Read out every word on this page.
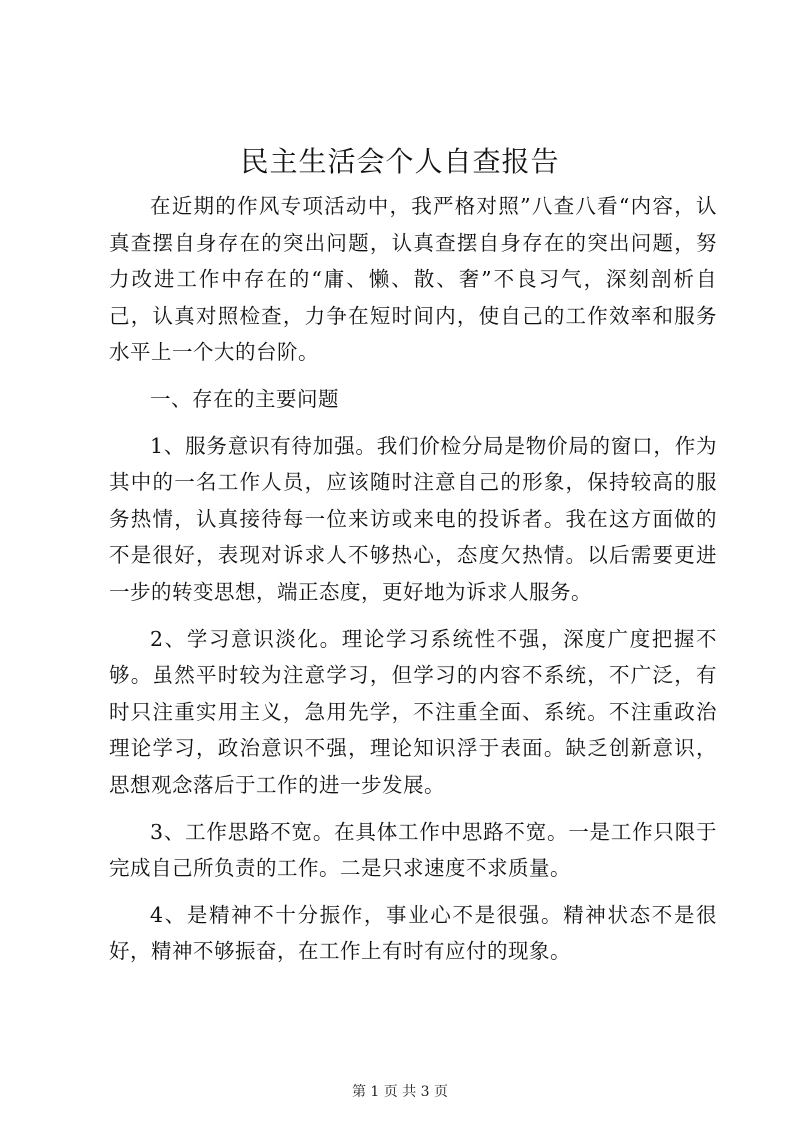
民主生活会个人自查报告

在近期的作风专项活动中，我严格对照”八查八看“内容，认真查摆自身存在的突出问题，认真查摆自身存在的突出问题，努力改进工作中存在的“庸、懒、散、奢”不良习气，深刻剖析自己，认真对照检查，力争在短时间内，使自己的工作效率和服务水平上一个大的台阶。

一、存在的主要问题

1、服务意识有待加强。我们价检分局是物价局的窗口，作为其中的一名工作人员，应该随时注意自己的形象，保持较高的服务热情，认真接待每一位来访或来电的投诉者。我在这方面做的不是很好，表现对诉求人不够热心，态度欠热情。以后需要更进一步的转变思想，端正态度，更好地为诉求人服务。

2、学习意识淡化。理论学习系统性不强，深度广度把握不够。虽然平时较为注意学习，但学习的内容不系统，不广泛，有时只注重实用主义，急用先学，不注重全面、系统。不注重政治理论学习，政治意识不强，理论知识浮于表面。缺乏创新意识，思想观念落后于工作的进一步发展。

3、工作思路不宽。在具体工作中思路不宽。一是工作只限于完成自己所负责的工作。二是只求速度不求质量。

4、是精神不十分振作，事业心不是很强。精神状态不是很好，精神不够振奋，在工作上有时有应付的现象。

第 1 页 共 3 页
